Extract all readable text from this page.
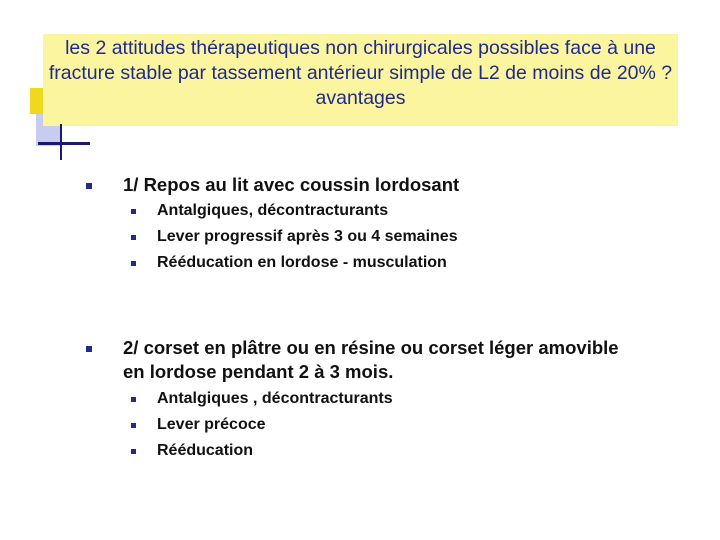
les 2 attitudes thérapeutiques non chirurgicales possibles face à une fracture stable par tassement antérieur simple de L2 de moins de 20% ? avantages
1/ Repos au lit avec coussin lordosant
Antalgiques, décontracturants
Lever progressif après 3 ou 4 semaines
Rééducation en lordose - musculation
2/ corset en plâtre ou en résine ou corset léger amovible en lordose pendant 2 à 3 mois.
Antalgiques , décontracturants
Lever précoce
Rééducation
